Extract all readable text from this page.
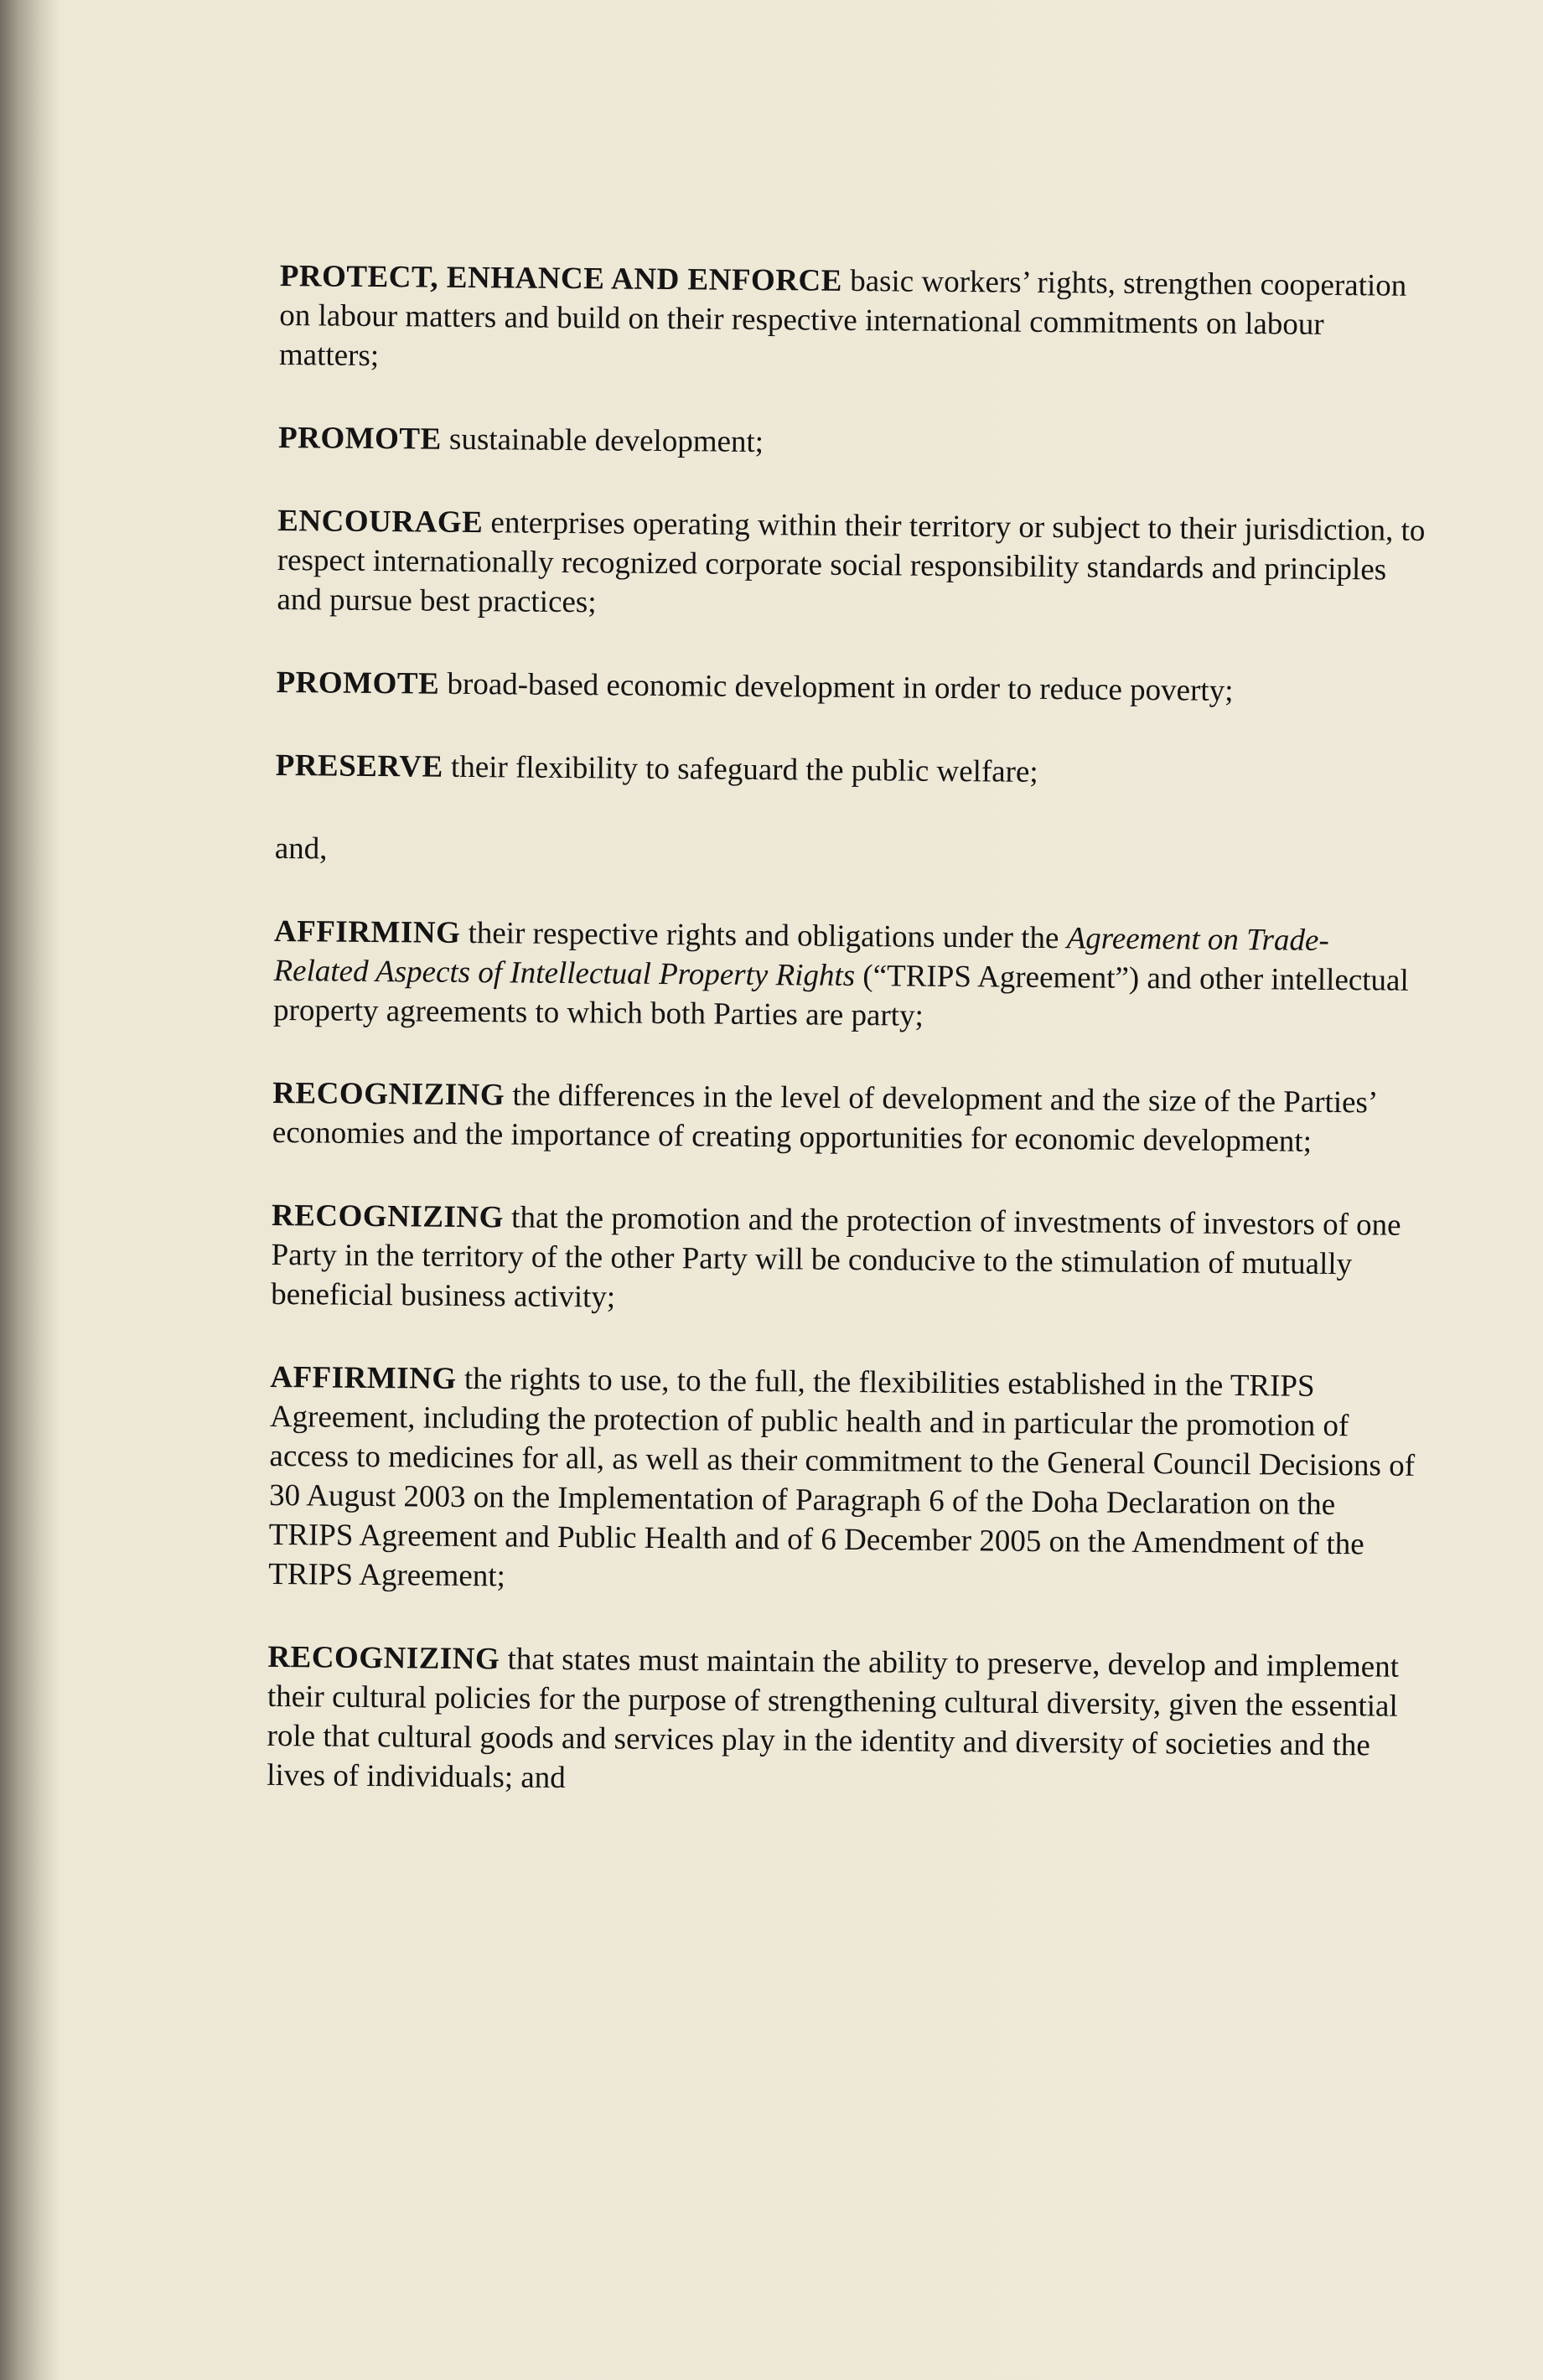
PROTECT, ENHANCE AND ENFORCE basic workers’ rights, strengthen cooperation on labour matters and build on their respective international commitments on labour matters;

PROMOTE sustainable development;

ENCOURAGE enterprises operating within their territory or subject to their jurisdiction, to respect internationally recognized corporate social responsibility standards and principles and pursue best practices;

PROMOTE broad-based economic development in order to reduce poverty;

PRESERVE their flexibility to safeguard the public welfare;

and,

AFFIRMING their respective rights and obligations under the Agreement on Trade-Related Aspects of Intellectual Property Rights (“TRIPS Agreement”) and other intellectual property agreements to which both Parties are party;

RECOGNIZING the differences in the level of development and the size of the Parties’ economies and the importance of creating opportunities for economic development;

RECOGNIZING that the promotion and the protection of investments of investors of one Party in the territory of the other Party will be conducive to the stimulation of mutually beneficial business activity;

AFFIRMING the rights to use, to the full, the flexibilities established in the TRIPS Agreement, including the protection of public health and in particular the promotion of access to medicines for all, as well as their commitment to the General Council Decisions of 30 August 2003 on the Implementation of Paragraph 6 of the Doha Declaration on the TRIPS Agreement and Public Health and of 6 December 2005 on the Amendment of the TRIPS Agreement;

RECOGNIZING that states must maintain the ability to preserve, develop and implement their cultural policies for the purpose of strengthening cultural diversity, given the essential role that cultural goods and services play in the identity and diversity of societies and the lives of individuals; and
